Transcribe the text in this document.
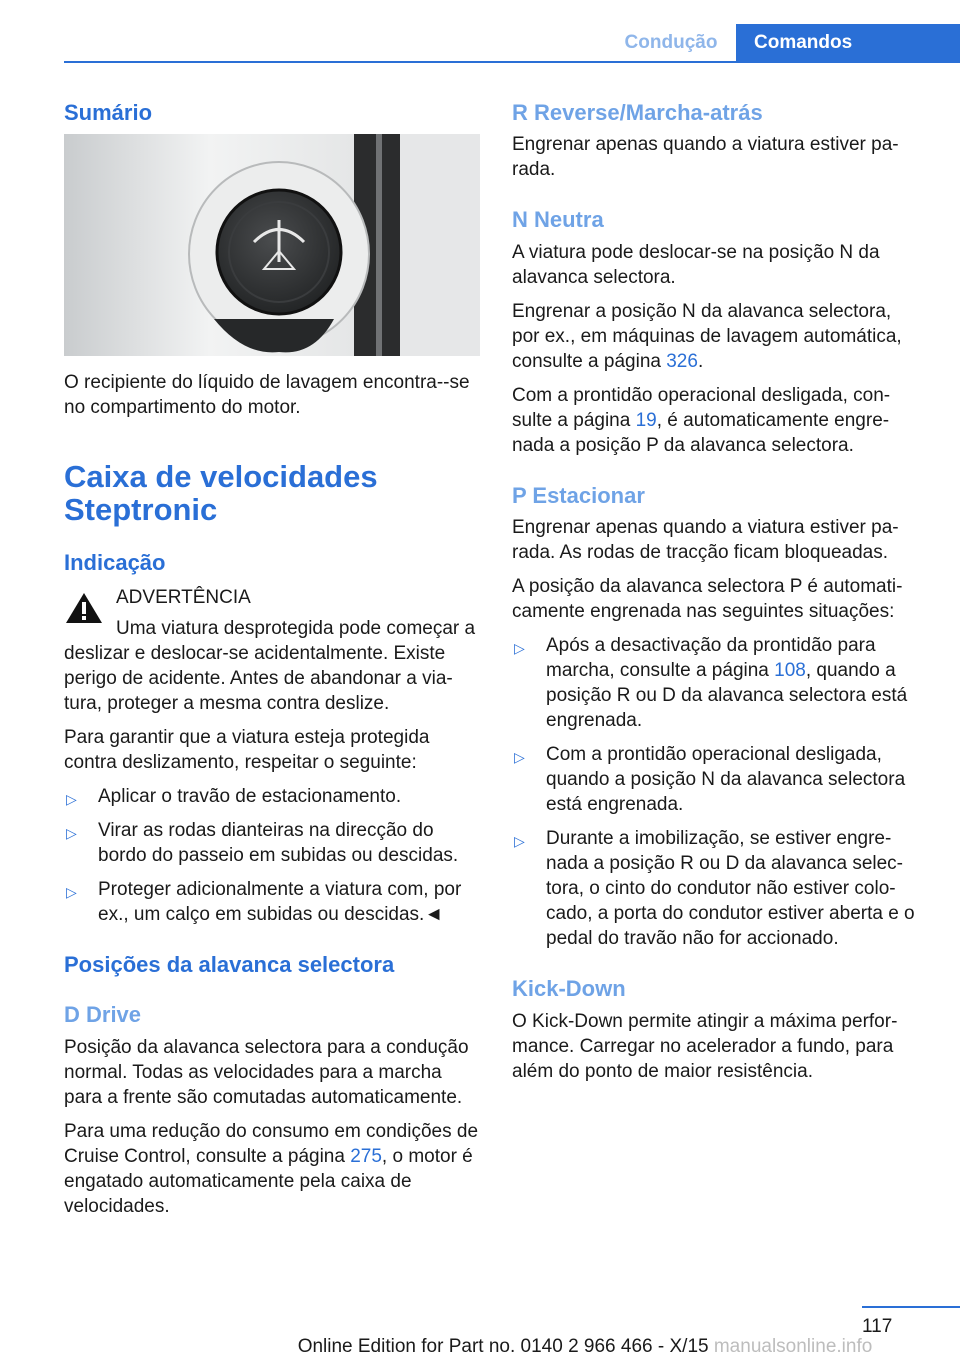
Condução	Comandos
Sumário

O recipiente do líquido de lavagem encontra--se no compartimento do motor.

Caixa de velocidades Steptronic
Indicação

ADVERTÊNCIA

Uma viatura desprotegida pode começar a deslizar e deslocar-se acidentalmente. Existe perigo de acidente. Antes de abandonar a via-tura, proteger a mesma contra deslize.

Para garantir que a viatura esteja protegida contra deslizamento, respeitar o seguinte:

▷ Aplicar o travão de estacionamento.
▷ Virar as rodas dianteiras na direcção do bordo do passeio em subidas ou descidas.
▷ Proteger adicionalmente a viatura com, por ex., um calço em subidas ou descidas.◄
Posições da alavanca selectora
D Drive

Posição da alavanca selectora para a condução normal. Todas as velocidades para a marcha para a frente são comutadas automaticamente.

Para uma redução do consumo em condições de Cruise Control, consulte a página 275, o motor é engatado automaticamente pela caixa de velocidades.

R Reverse/Marcha-atrás

Engrenar apenas quando a viatura estiver pa-rada.

N Neutra

A viatura pode deslocar-se na posição N da alavanca selectora.

Engrenar a posição N da alavanca selectora, por ex., em máquinas de lavagem automática, consulte a página 326.

Com a prontidão operacional desligada, con-sulte a página 19, é automaticamente engre-nada a posição P da alavanca selectora.

P Estacionar

Engrenar apenas quando a viatura estiver pa-rada. As rodas de tracção ficam bloqueadas.

A posição da alavanca selectora P é automati-camente engrenada nas seguintes situações:

▷ Após a desactivação da prontidão para marcha, consulte a página 108, quando a posição R ou D da alavanca selectora está engrenada.
▷ Com a prontidão operacional desligada, quando a posição N da alavanca selectora está engrenada.
▷ Durante a imobilização, se estiver engre-nada a posição R ou D da alavanca selec-tora, o cinto do condutor não estiver colo-cado, a porta do condutor estiver aberta e o pedal do travão não for accionado.
Kick-Down

O Kick-Down permite atingir a máxima perfor-mance. Carregar no acelerador a fundo, para além do ponto de maior resistência.

117
Online Edition for Part no. 0140 2 966 466 - X/15 manualsonline.info
